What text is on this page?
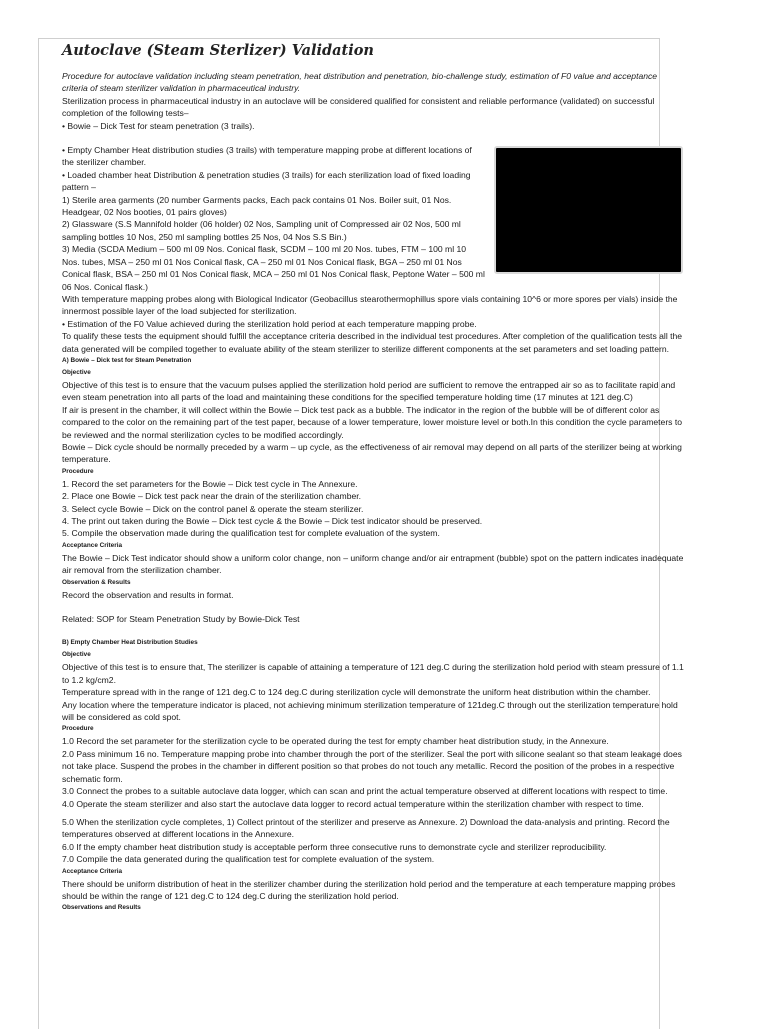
Autoclave (Steam Sterlizer) Validation

Procedure for autoclave validation including steam penetration, heat distribution and penetration, bio-challenge study, estimation of F0 value and acceptance criteria of steam sterilizer validation in pharmaceutical industry.

Sterilization process in pharmaceutical industry in an autoclave will be considered qualified for consistent and reliable performance (validated) on successful completion of the following tests–

• Bowie – Dick Test for steam penetration (3 trails).

• Empty Chamber Heat distribution studies (3 trails) with temperature mapping probe at different locations of the sterilizer chamber.

• Loaded chamber heat Distribution & penetration studies (3 trails) for each sterilization load of fixed loading pattern –

1) Sterile area garments (20 number Garments packs, Each pack contains 01 Nos. Boiler suit, 01 Nos. Headgear, 02 Nos booties, 01 pairs gloves)

2) Glassware (S.S Mannifold holder (06 holder) 02 Nos, Sampling unit of Compressed air 02 Nos, 500 ml sampling bottles 10 Nos, 250 ml sampling bottles 25 Nos, 04 Nos S.S Bin.)

3) Media (SCDA Medium – 500 ml 09 Nos. Conical flask, SCDM – 100 ml 20 Nos. tubes, FTM – 100 ml 10 Nos. tubes, MSA – 250 ml 01 Nos Conical flask, CA – 250 ml 01 Nos Conical flask, BGA – 250 ml 01 Nos Conical flask, BSA – 250 ml 01 Nos Conical flask, MCA – 250 ml 01 Nos Conical flask, Peptone Water – 500 ml 06 Nos. Conical flask.)

With temperature mapping probes along with Biological Indicator (Geobacillus stearothermophillus spore vials containing 10^6 or more spores per vials) inside the innermost possible layer of the load subjected for sterilization.

• Estimation of the F0 Value achieved during the sterilization hold period at each temperature mapping probe.

To qualify these tests the equipment should fulfill the acceptance criteria described in the individual test procedures. After completion of the qualification tests all the data generated will be compiled together to evaluate ability of the steam sterilizer to sterilize different components at the set parameters and set loading pattern.

A) Bowie – Dick test for Steam Penetration

Objective

Objective of this test is to ensure that the vacuum pulses applied the sterilization hold period are sufficient to remove the entrapped air so as to facilitate rapid and even steam penetration into all parts of the load and maintaining these conditions for the specified temperature holding time (17 minutes at 121 deg.C)

If air is present in the chamber, it will collect within the Bowie – Dick test pack as a bubble. The indicator in the region of the bubble will be of different color as compared to the color on the remaining part of the test paper, because of a lower temperature, lower moisture level or both.In this condition the cycle parameters to be reviewed and the normal sterilization cycles to be modified accordingly.

Bowie – Dick cycle should be normally preceded by a warm – up cycle, as the effectiveness of air removal may depend on all parts of the sterilizer being at working temperature.

Procedure

1. Record the set parameters for the Bowie – Dick test cycle in The Annexure.

2. Place one Bowie – Dick test pack near the drain of the sterilization chamber.

3. Select cycle Bowie – Dick on the control panel & operate the steam sterilizer.

4. The print out taken during the Bowie – Dick test cycle & the Bowie – Dick test indicator should be preserved.

5. Compile the observation made during the qualification test for complete evaluation of the system.

Acceptance Criteria

The Bowie – Dick Test indicator should show a uniform color change, non – uniform change and/or air entrapment (bubble) spot on the pattern indicates inadequate air removal from the sterilization chamber.

Observation & Results

Record the observation and results in format.

Related: SOP for Steam Penetration Study by Bowie-Dick Test

B) Empty Chamber Heat Distribution Studies

Objective

Objective of this test is to ensure that, The sterilizer is capable of attaining a temperature of 121 deg.C during the sterilization hold period with steam pressure of 1.1 to 1.2 kg/cm2.

Temperature spread with in the range of 121 deg.C to 124 deg.C during sterilization cycle will demonstrate the uniform heat distribution within the chamber.

Any location where the temperature indicator is placed, not achieving minimum sterilization temperature of 121deg.C through out the sterilization temperature hold will be considered as cold spot.

Procedure

1.0 Record the set parameter for the sterilization cycle to be operated during the test for empty chamber heat distribution study, in the Annexure.

2.0 Pass minimum 16 no. Temperature mapping probe into chamber through the port of the sterilizer. Seal the port with silicone sealant so that steam leakage does not take place. Suspend the probes in the chamber in different position so that probes do not touch any metallic. Record the position of the probes in a respective schematic form.

3.0 Connect the probes to a suitable autoclave data logger, which can scan and print the actual temperature observed at different locations with respect to time.

4.0 Operate the steam sterilizer and also start the autoclave data logger to record actual temperature within the sterilization chamber with respect to time.

5.0 When the sterilization cycle completes, 1) Collect printout of the sterilizer and preserve as Annexure. 2) Download the data-analysis and printing. Record the temperatures observed at different locations in the Annexure.

6.0 If the empty chamber heat distribution study is acceptable perform three consecutive runs to demonstrate cycle and sterilizer reproducibility.

7.0 Compile the data generated during the qualification test for complete evaluation of the system.

Acceptance Criteria

There should be uniform distribution of heat in the sterilizer chamber during the sterilization hold period and the temperature at each temperature mapping probes should be within the range of 121 deg.C to 124 deg.C during the sterilization hold period.

Observations and Results
